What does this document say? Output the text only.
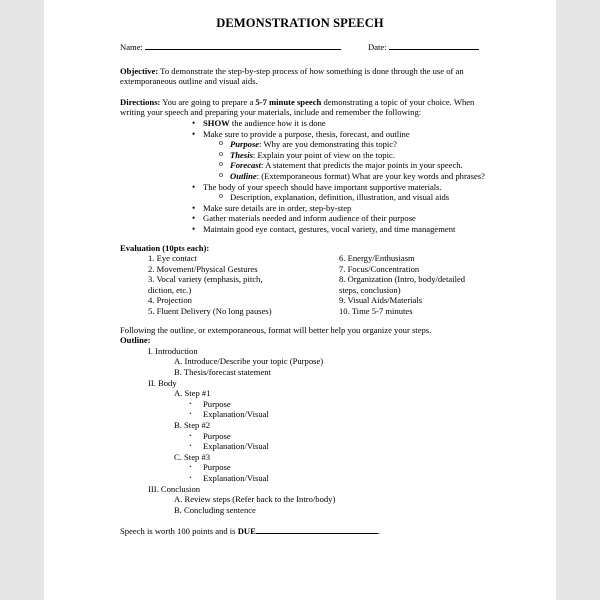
DEMONSTRATION SPEECH
Name:	Date:

Objective: To demonstrate the step-by-step process of how something is done through the use of an extemporaneous outline and visual aids.

Directions: You are going to prepare a 5-7 minute speech demonstrating a topic of your choice. When writing your speech and preparing your materials, include and remember the following:

• SHOW the audience how it is done
• Make sure to provide a purpose, thesis, forecast, and outline
o Purpose: Why are you demonstrating this topic?
o Thesis: Explain your point of view on the topic.
o Forecast: A statement that predicts the major points in your speech.
o Outline: (Extemporaneous format) What are your key words and phrases?
• The body of your speech should have important supportive materials.
o Description, explanation, definition, illustration, and visual aids
• Make sure details are in order, step-by-step
• Gather materials needed and inform audience of their purpose
• Maintain good eye contact, gestures, vocal variety, and time management
Evaluation (10pts each):
1. Eye contact
2. Movement/Physical Gestures
3. Vocal variety (emphasis, pitch,
diction, etc.)
4. Projection
5. Fluent Delivery (No long pauses)
6. Energy/Enthusiasm
7. Focus/Concentration
8. Organization (Intro, body/detailed
steps, conclusion)
9. Visual Aids/Materials
10. Time 5-7 minutes

Following the outline, or extemporaneous, format will better help you organize your steps.

Outline:
I. Introduction
A. Introduce/Describe your topic (Purpose)
B. Thesis/forecast statement
II. Body
A. Step #1
· Purpose
· Explanation/Visual
B. Step #2
· Purpose
· Explanation/Visual
C. Step #3
· Purpose
· Explanation/Visual
III. Conclusion
A. Review steps (Refer back to the Intro/body)
B. Concluding sentence

Speech is worth 100 points and is DUE	.
